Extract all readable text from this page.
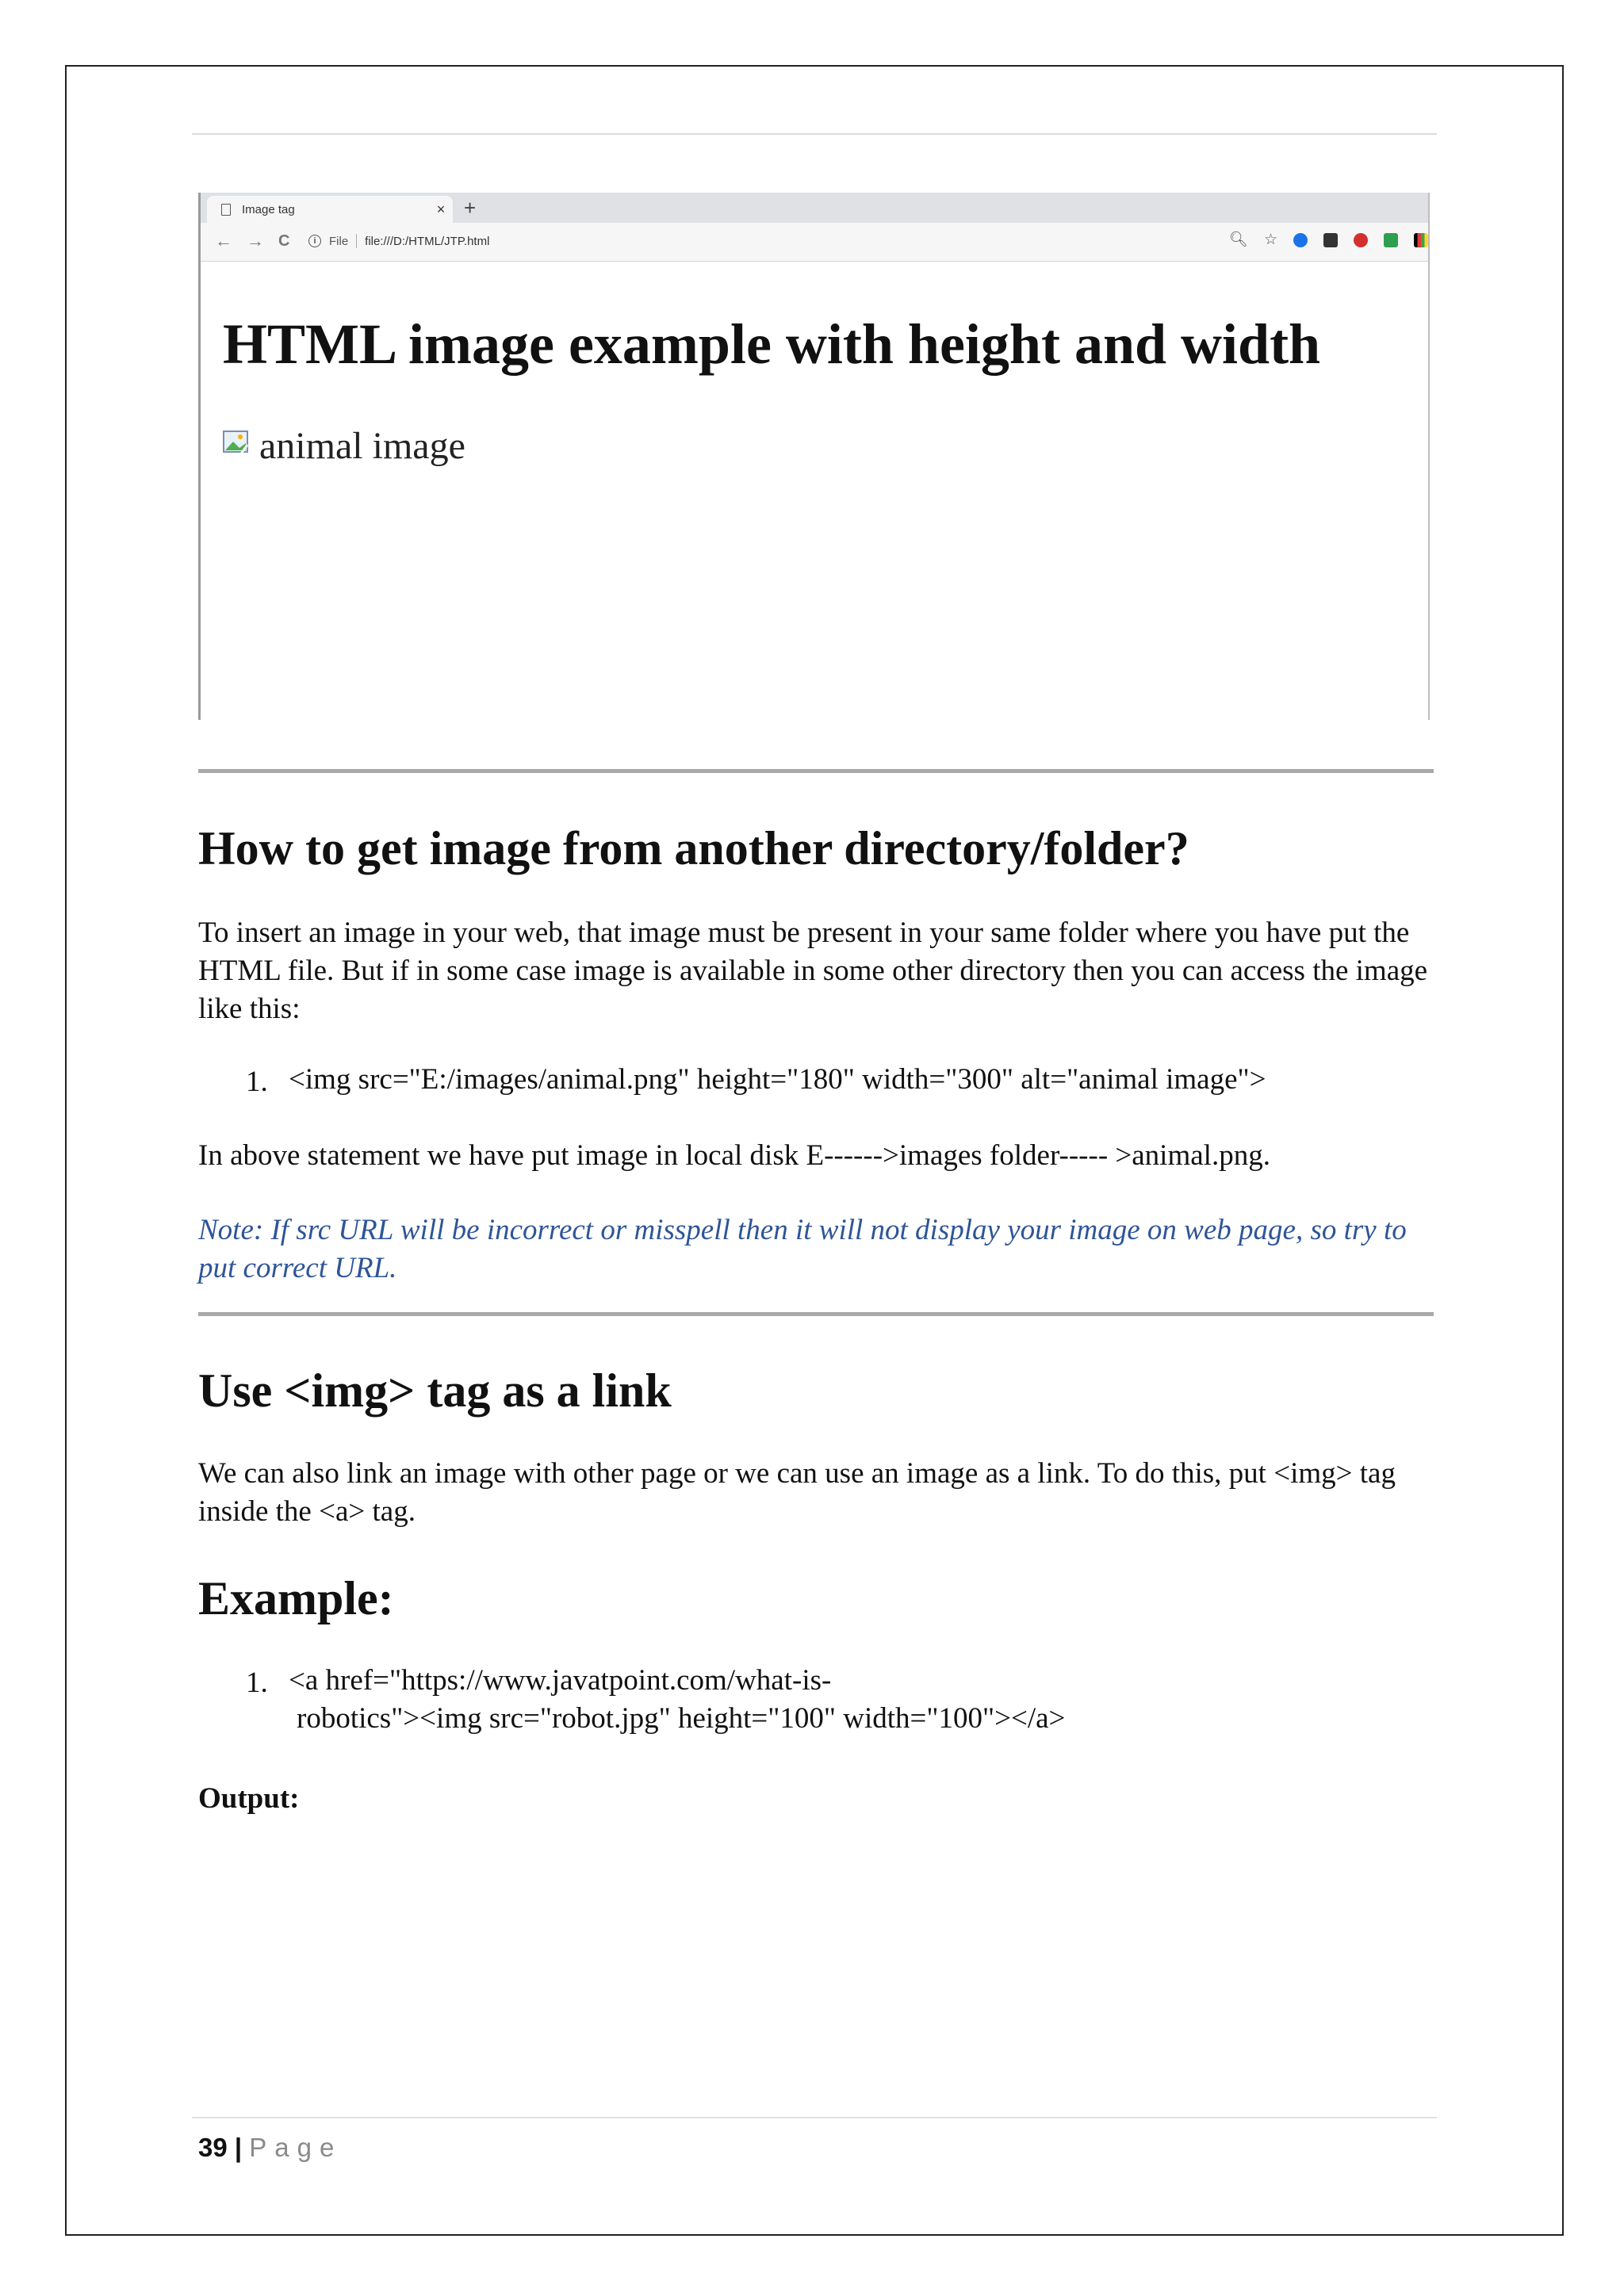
Image tag	× +
← → C	i	File file:///D:/HTML/JTP.html	🔍︎ ☆
HTML image example with height and width
animal image
How to get image from another directory/folder?

To insert an image in your web, that image must be present in your same folder where you have put the HTML file. But if in some case image is available in some other directory then you can access the image like this:

1. <img src="E:/images/animal.png" height="180" width="300" alt="animal image">

In above statement we have put image in local disk E------>images folder----- >animal.png.

Note: If src URL will be incorrect or misspell then it will not display your image on web page, so try to put correct URL.

Use <img> tag as a link

We can also link an image with other page or we can use an image as a link. To do this, put <img> tag inside the <a> tag.

Example:
1. <a href="https://www.javatpoint.com/what-is-

robotics"><img src="robot.jpg" height="100" width="100"></a>

Output:

39 | Page
